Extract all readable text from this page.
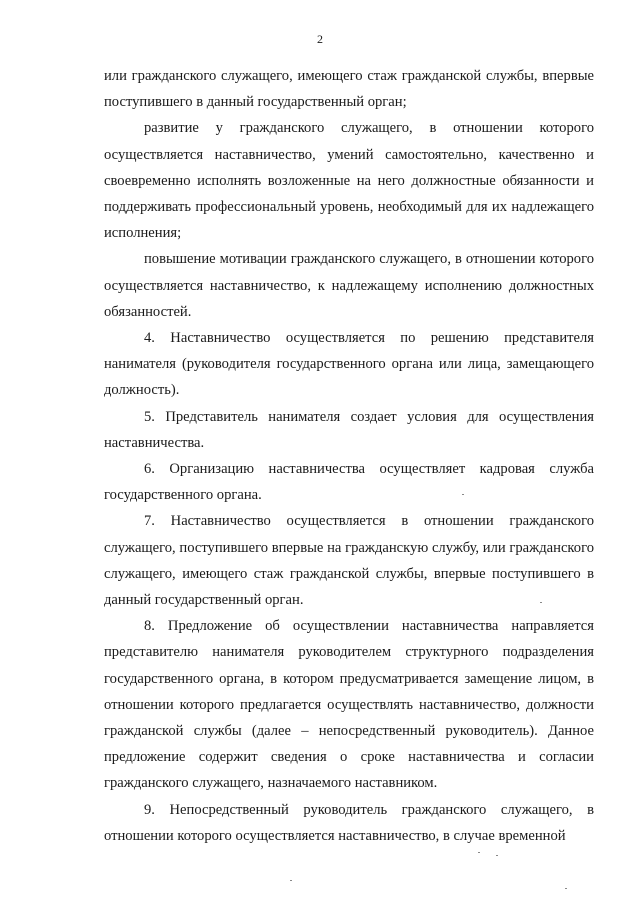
2

или гражданского служащего, имеющего стаж гражданской службы, впервые поступившего в данный государственный орган;

развитие у гражданского служащего, в отношении которого осуществляется наставничество, умений самостоятельно, качественно и своевременно исполнять возложенные на него должностные обязанности и поддерживать профессиональный уровень, необходимый для их надлежащего исполнения;

повышение мотивации гражданского служащего, в отношении которого осуществляется наставничество, к надлежащему исполнению должностных обязанностей.

4. Наставничество осуществляется по решению представителя нанимателя (руководителя государственного органа или лица, замещающего должность).

5. Представитель нанимателя создает условия для осуществления наставничества.

6. Организацию наставничества осуществляет кадровая служба государственного органа.

7. Наставничество осуществляется в отношении гражданского служащего, поступившего впервые на гражданскую службу, или гражданского служащего, имеющего стаж гражданской службы, впервые поступившего в данный государственный орган.

8. Предложение об осуществлении наставничества направляется представителю нанимателя руководителем структурного подразделения государственного органа, в котором предусматривается замещение лицом, в отношении которого предлагается осуществлять наставничество, должности гражданской службы (далее – непосредственный руководитель). Данное предложение содержит сведения о сроке наставничества и согласии гражданского служащего, назначаемого наставником.

9. Непосредственный руководитель гражданского служащего, в отношении которого осуществляется наставничество, в случае временной
